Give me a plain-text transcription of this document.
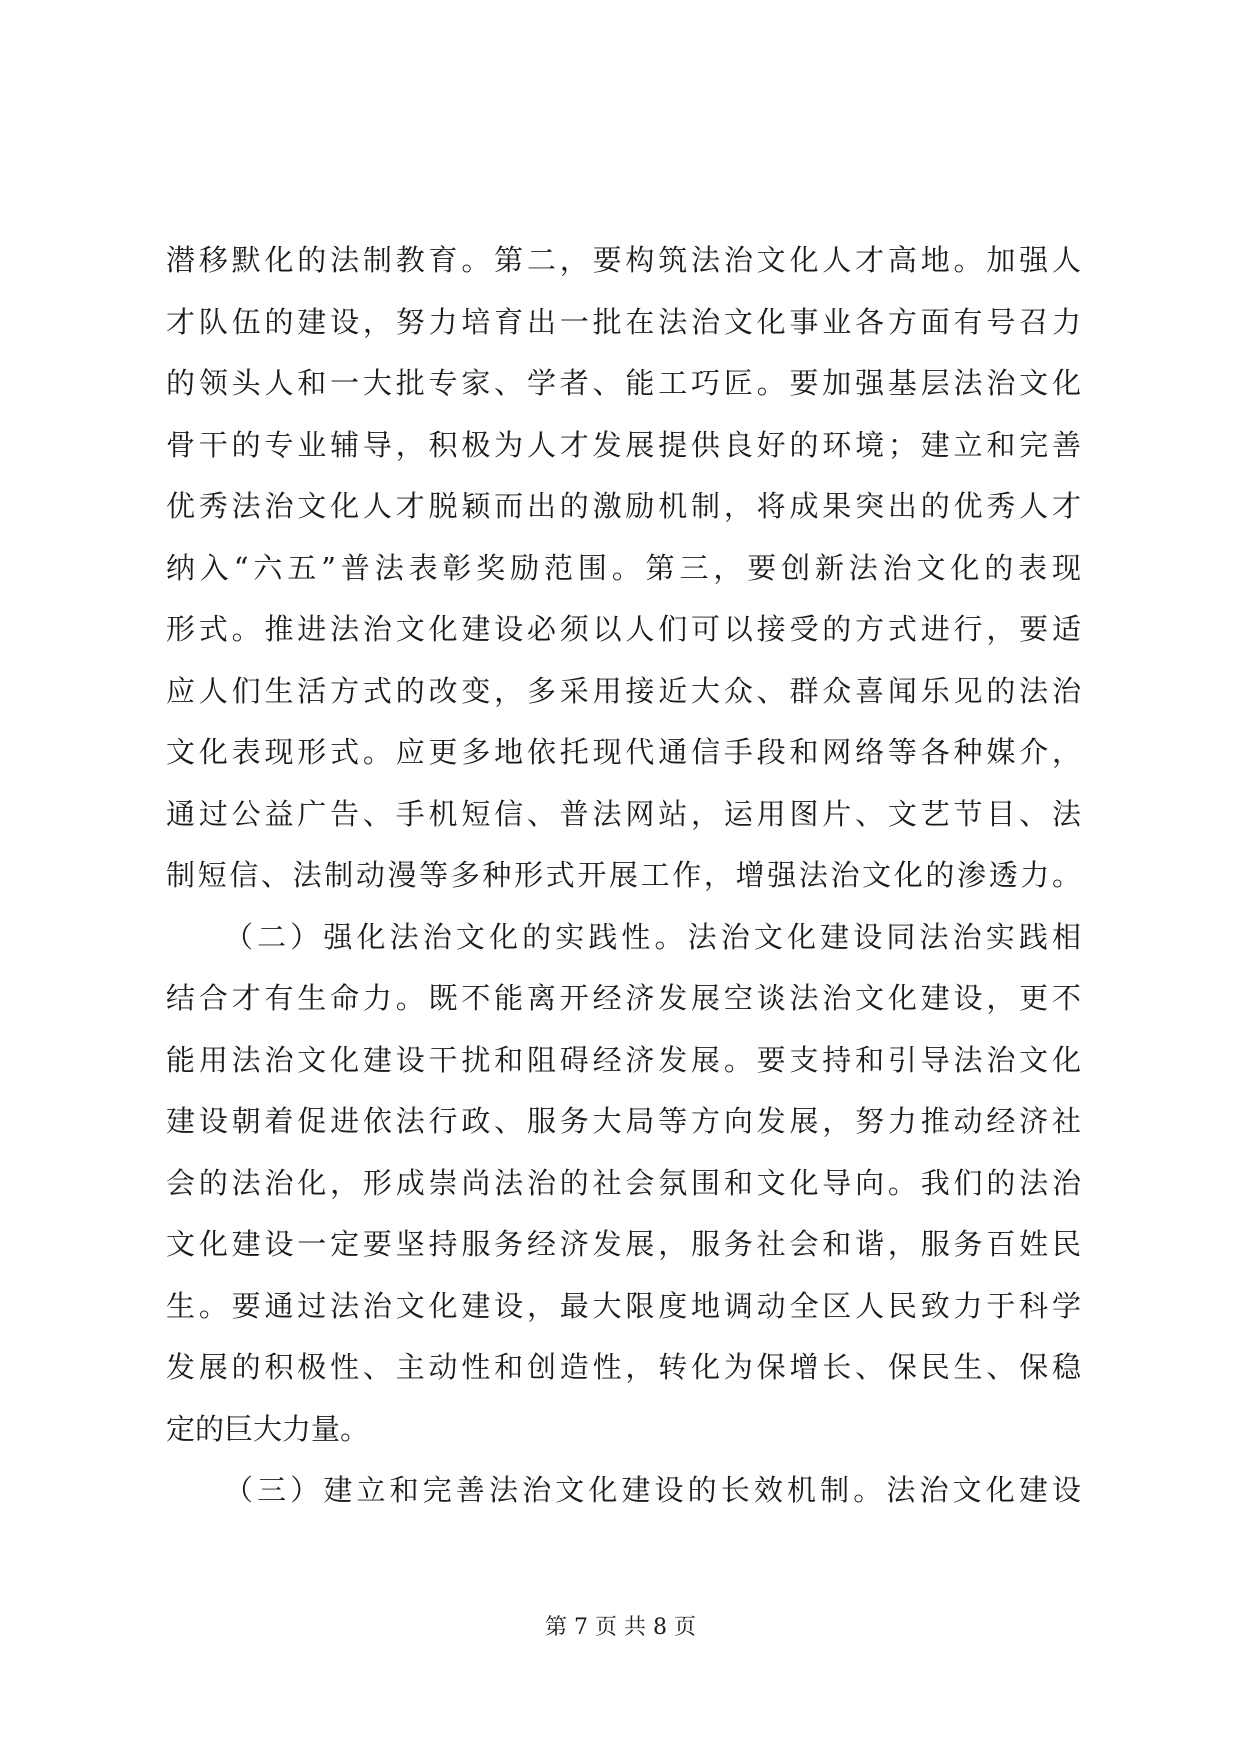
潜移默化的法制教育。第二，要构筑法治文化人才高地。加强人
才队伍的建设，努力培育出一批在法治文化事业各方面有号召力
的领头人和一大批专家、学者、能工巧匠。要加强基层法治文化
骨干的专业辅导，积极为人才发展提供良好的环境；建立和完善
优秀法治文化人才脱颖而出的激励机制，将成果突出的优秀人才
纳入“六五”普法表彰奖励范围。第三，要创新法治文化的表现
形式。推进法治文化建设必须以人们可以接受的方式进行，要适
应人们生活方式的改变，多采用接近大众、群众喜闻乐见的法治
文化表现形式。应更多地依托现代通信手段和网络等各种媒介，
通过公益广告、手机短信、普法网站，运用图片、文艺节目、法
制短信、法制动漫等多种形式开展工作，增强法治文化的渗透力。
（二）强化法治文化的实践性。法治文化建设同法治实践相
结合才有生命力。既不能离开经济发展空谈法治文化建设，更不
能用法治文化建设干扰和阻碍经济发展。要支持和引导法治文化
建设朝着促进依法行政、服务大局等方向发展，努力推动经济社
会的法治化，形成崇尚法治的社会氛围和文化导向。我们的法治
文化建设一定要坚持服务经济发展，服务社会和谐，服务百姓民
生。要通过法治文化建设，最大限度地调动全区人民致力于科学
发展的积极性、主动性和创造性，转化为保增长、保民生、保稳
定的巨大力量。
（三）建立和完善法治文化建设的长效机制。法治文化建设
第 7 页 共 8 页
